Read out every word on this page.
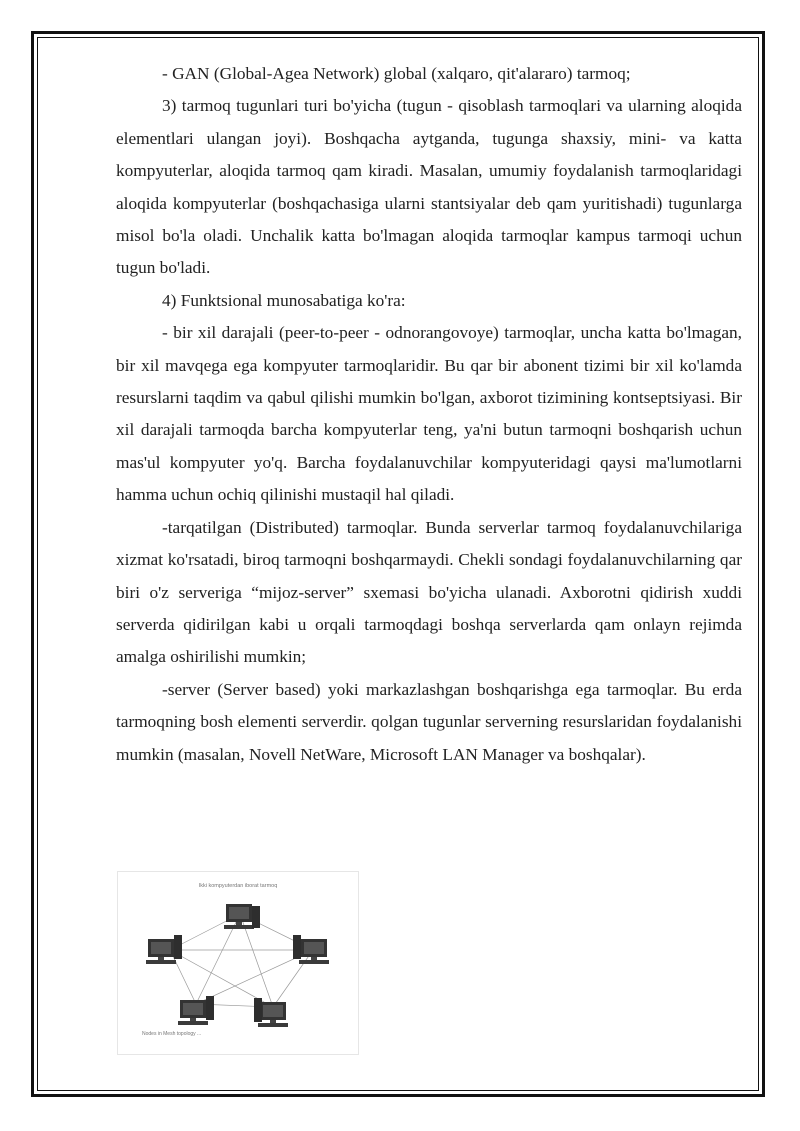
- GAN (Global-Agea Network) global (xalqaro, qit'alararo) tarmoq;

3) tarmoq tugunlari turi bo'yicha (tugun - qisoblash tarmoqlari va ularning aloqida elementlari ulangan joyi). Boshqacha aytganda, tugunga shaxsiy, mini- va katta kompyuterlar, aloqida tarmoq qam kiradi. Masalan, umumiy foydalanish tarmoqlaridagi aloqida kompyuterlar (boshqachasiga ularni stantsiyalar deb qam yuritishadi) tugunlarga misol bo'la oladi. Unchalik katta bo'lmagan aloqida tarmoqlar kampus tarmoqi uchun tugun bo'ladi.

4) Funktsional munosabatiga ko'ra:

- bir xil darajali (peer-to-peer - odnorangovoye) tarmoqlar, uncha katta bo'lmagan, bir xil mavqega ega kompyuter tarmoqlaridir. Bu qar bir abonent tizimi bir xil ko'lamda resurslarni taqdim va qabul qilishi mumkin bo'lgan, axborot tizimining kontseptsiyasi. Bir xil darajali tarmoqda barcha kompyuterlar teng, ya'ni butun tarmoqni boshqarish uchun mas'ul kompyuter yo'q. Barcha foydalanuvchilar kompyuteridagi qaysi ma'lumotlarni hamma uchun ochiq qilinishi mustaqil hal qiladi.

-tarqatilgan (Distributed) tarmoqlar. Bunda serverlar tarmoq foydalanuvchilariga xizmat ko'rsatadi, biroq tarmoqni boshqarmaydi. Chekli sondagi foydalanuvchilarning qar biri o'z serveriga “mijoz-server” sxemasi bo'yicha ulanadi. Axborotni qidirish xuddi serverda qidirilgan kabi u orqali tarmoqdagi boshqa serverlarda qam onlayn rejimda amalga oshirilishi mumkin;

-server (Server based) yoki markazlashgan boshqarishga ega tarmoqlar. Bu erda tarmoqning bosh elementi serverdir. qolgan tugunlar serverning resurslaridan foydalanishi mumkin (masalan, Novell NetWare, Microsoft LAN Manager va boshqalar).

Ikki kompyuterdan iborat tarmoq
Nodes in Mesh topology ...
